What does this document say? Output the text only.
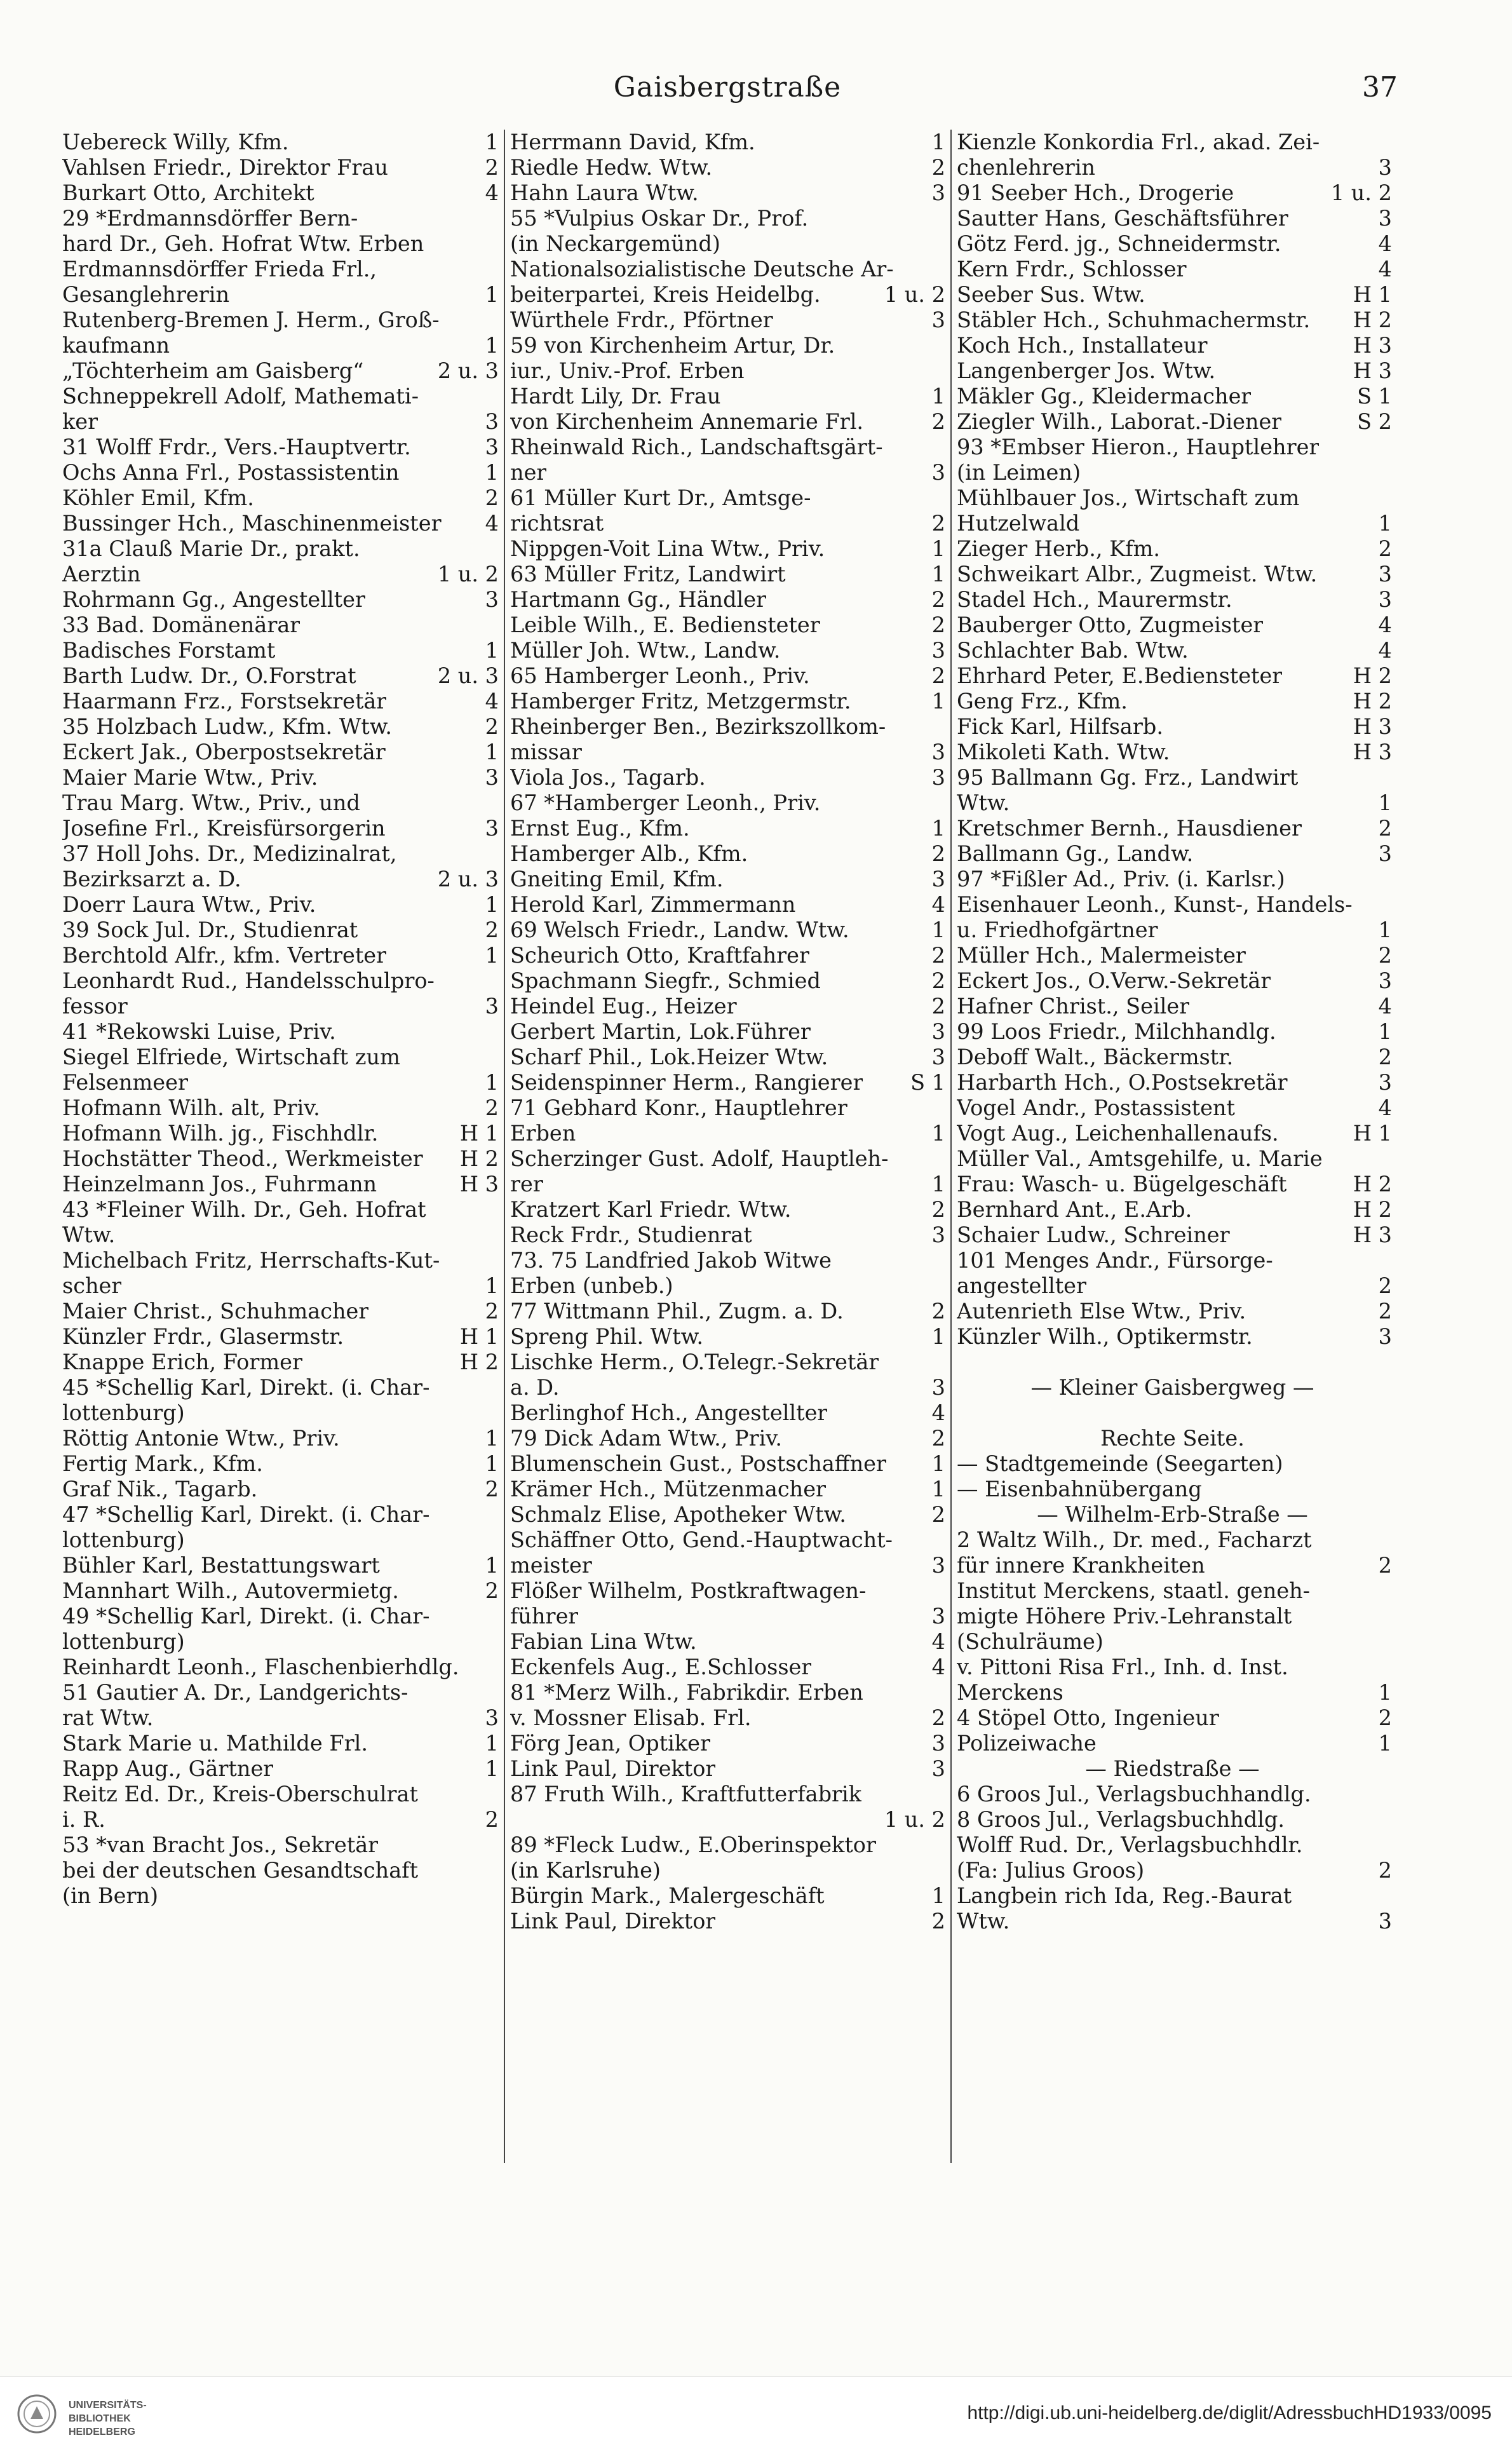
Gaisbergstraße	37
Uebereck Willy, Kfm.	1
Vahlsen Friedr., Direktor Frau	2
Burkart Otto, Architekt	4
29 *Erdmannsdörffer Bern-
hard Dr., Geh. Hofrat Wtw. Erben
Erdmannsdörffer Frieda Frl.,
Gesanglehrerin	1
Rutenberg-Bremen J. Herm., Groß-
kaufmann	1
„Töchterheim am Gaisberg“	2 u. 3
Schneppekrell Adolf, Mathemati-
ker	3
31 Wolff Frdr., Vers.-Hauptvertr.	3
Ochs Anna Frl., Postassistentin	1
Köhler Emil, Kfm.	2
Bussinger Hch., Maschinenmeister 4
31a Clauß Marie Dr., prakt.
Aerztin	1 u. 2
Rohrmann Gg., Angestellter	3
33 Bad. Domänenärar
Badisches Forstamt	1
Barth Ludw. Dr., O.Forstrat	2 u. 3
Haarmann Frz., Forstsekretär	4
35 Holzbach Ludw., Kfm. Wtw.	2
Eckert Jak., Oberpostsekretär	1
Maier Marie Wtw., Priv.	3
Trau Marg. Wtw., Priv., und
Josefine Frl., Kreisfürsorgerin	3
37 Holl Johs. Dr., Medizinalrat,
Bezirksarzt a. D.	2 u. 3
Doerr Laura Wtw., Priv.	1
39 Sock Jul. Dr., Studienrat	2
Berchtold Alfr., kfm. Vertreter	1
Leonhardt Rud., Handelsschulpro-
fessor	3
41 *Rekowski Luise, Priv.
Siegel Elfriede, Wirtschaft zum
Felsenmeer	1
Hofmann Wilh. alt, Priv.	2
Hofmann Wilh. jg., Fischhdlr.	H 1
Hochstätter Theod., Werkmeister H 2
Heinzelmann Jos., Fuhrmann	H 3
43 *Fleiner Wilh. Dr., Geh. Hofrat
Wtw.
Michelbach Fritz, Herrschafts-Kut-
scher	1
Maier Christ., Schuhmacher	2
Künzler Frdr., Glasermstr.	H 1
Knappe Erich, Former	H 2
45 *Schellig Karl, Direkt. (i. Char-
lottenburg)
Röttig Antonie Wtw., Priv.	1
Fertig Mark., Kfm.	1
Graf Nik., Tagarb.	2
47 *Schellig Karl, Direkt. (i. Char-
lottenburg)
Bühler Karl, Bestattungswart	1
Mannhart Wilh., Autovermietg.	2
49 *Schellig Karl, Direkt. (i. Char-
lottenburg)
Reinhardt Leonh., Flaschenbierhdlg.
51 Gautier A. Dr., Landgerichts-
rat Wtw.	3
Stark Marie u. Mathilde Frl.	1
Rapp Aug., Gärtner	1
Reitz Ed. Dr., Kreis-Oberschulrat
i. R.	2
53 *van Bracht Jos., Sekretär
bei der deutschen Gesandtschaft
(in Bern)
Herrmann David, Kfm.	1
Riedle Hedw. Wtw.	2
Hahn Laura Wtw.	3
55 *Vulpius Oskar Dr., Prof.
(in Neckargemünd)
Nationalsozialistische Deutsche Ar-
beiterpartei, Kreis Heidelbg.	1 u. 2
Würthele Frdr., Pförtner	3
59 von Kirchenheim Artur, Dr.
iur., Univ.-Prof. Erben
Hardt Lily, Dr. Frau	1
von Kirchenheim Annemarie Frl.	2
Rheinwald Rich., Landschaftsgärt-
ner	3
61 Müller Kurt Dr., Amtsge-
richtsrat	2
Nippgen-Voit Lina Wtw., Priv.	1
63 Müller Fritz, Landwirt	1
Hartmann Gg., Händler	2
Leible Wilh., E. Bediensteter	2
Müller Joh. Wtw., Landw.	3
65 Hamberger Leonh., Priv.	2
Hamberger Fritz, Metzgermstr.	1
Rheinberger Ben., Bezirkszollkom-
missar	3
Viola Jos., Tagarb.	3
67 *Hamberger Leonh., Priv.
Ernst Eug., Kfm.	1
Hamberger Alb., Kfm.	2
Gneiting Emil, Kfm.	3
Herold Karl, Zimmermann	4
69 Welsch Friedr., Landw. Wtw.	1
Scheurich Otto, Kraftfahrer	2
Spachmann Siegfr., Schmied	2
Heindel Eug., Heizer	2
Gerbert Martin, Lok.Führer	3
Scharf Phil., Lok.Heizer Wtw.	3
Seidenspinner Herm., Rangierer S 1
71 Gebhard Konr., Hauptlehrer
Erben	1
Scherzinger Gust. Adolf, Hauptleh-
rer	1
Kratzert Karl Friedr. Wtw.	2
Reck Frdr., Studienrat	3
73. 75 Landfried Jakob Witwe
Erben (unbeb.)
77 Wittmann Phil., Zugm. a. D.	2
Spreng Phil. Wtw.	1
Lischke Herm., O.Telegr.-Sekretär
a. D.	3
Berlinghof Hch., Angestellter	4
79 Dick Adam Wtw., Priv.	2
Blumenschein Gust., Postschaffner 1
Krämer Hch., Mützenmacher	1
Schmalz Elise, Apotheker Wtw.	2
Schäffner Otto, Gend.-Hauptwacht-
meister	3
Flößer Wilhelm, Postkraftwagen-
führer	3
Fabian Lina Wtw.	4
Eckenfels Aug., E.Schlosser	4
81 *Merz Wilh., Fabrikdir. Erben
v. Mossner Elisab. Frl.	2
Förg Jean, Optiker	3
Link Paul, Direktor	3
87 Fruth Wilh., Kraftfutterfabrik
1 u. 2
89 *Fleck Ludw., E.Oberinspektor
(in Karlsruhe)
Bürgin Mark., Malergeschäft	1
Link Paul, Direktor	2
Kienzle Konkordia Frl., akad. Zei-
chenlehrerin	3
91 Seeber Hch., Drogerie	1 u. 2
Sautter Hans, Geschäftsführer	3
Götz Ferd. jg., Schneidermstr.	4
Kern Frdr., Schlosser	4
Seeber Sus. Wtw.	H 1
Stäbler Hch., Schuhmachermstr. H 2
Koch Hch., Installateur	H 3
Langenberger Jos. Wtw.	H 3
Mäkler Gg., Kleidermacher	S 1
Ziegler Wilh., Laborat.-Diener	S 2
93 *Embser Hieron., Hauptlehrer
(in Leimen)
Mühlbauer Jos., Wirtschaft zum
Hutzelwald	1
Zieger Herb., Kfm.	2
Schweikart Albr., Zugmeist. Wtw.	3
Stadel Hch., Maurermstr.	3
Bauberger Otto, Zugmeister	4
Schlachter Bab. Wtw.	4
Ehrhard Peter, E.Bediensteter	H 2
Geng Frz., Kfm.	H 2
Fick Karl, Hilfsarb.	H 3
Mikoleti Kath. Wtw.	H 3
95 Ballmann Gg. Frz., Landwirt
Wtw.	1
Kretschmer Bernh., Hausdiener	2
Ballmann Gg., Landw.	3
97 *Fißler Ad., Priv. (i. Karlsr.)
Eisenhauer Leonh., Kunst-, Handels-
u. Friedhofgärtner	1
Müller Hch., Malermeister	2
Eckert Jos., O.Verw.-Sekretär	3
Hafner Christ., Seiler	4
99 Loos Friedr., Milchhandlg.	1
Deboff Walt., Bäckermstr.	2
Harbarth Hch., O.Postsekretär	3
Vogel Andr., Postassistent	4
Vogt Aug., Leichenhallenaufs.	H 1
Müller Val., Amtsgehilfe, u. Marie
Frau: Wasch- u. Bügelgeschäft	H 2
Bernhard Ant., E.Arb.	H 2
Schaier Ludw., Schreiner	H 3
101 Menges Andr., Fürsorge-
angestellter	2
Autenrieth Else Wtw., Priv.	2
Künzler Wilh., Optikermstr.	3
— Kleiner Gaisbergweg —
Rechte Seite.
— Stadtgemeinde (Seegarten)
— Eisenbahnübergang
— Wilhelm-Erb-Straße —
2 Waltz Wilh., Dr. med., Facharzt
für innere Krankheiten	2
Institut Merckens, staatl. geneh-
migte Höhere Priv.-Lehranstalt
(Schulräume)
v. Pittoni Risa Frl., Inh. d. Inst.
Merckens	1
4 Stöpel Otto, Ingenieur	2
Polizeiwache	1
— Riedstraße —
6 Groos Jul., Verlagsbuchhandlg.
8 Groos Jul., Verlagsbuchhdlg.
Wolff Rud. Dr., Verlagsbuchhdlr.
(Fa: Julius Groos)	2
Langbein rich Ida, Reg.-Baurat
Wtw.	3
UNIVERSITÄTS-
BIBLIOTHEK
HEIDELBERG
http://digi.ub.uni-heidelberg.de/diglit/AdressbuchHD1933/0095
